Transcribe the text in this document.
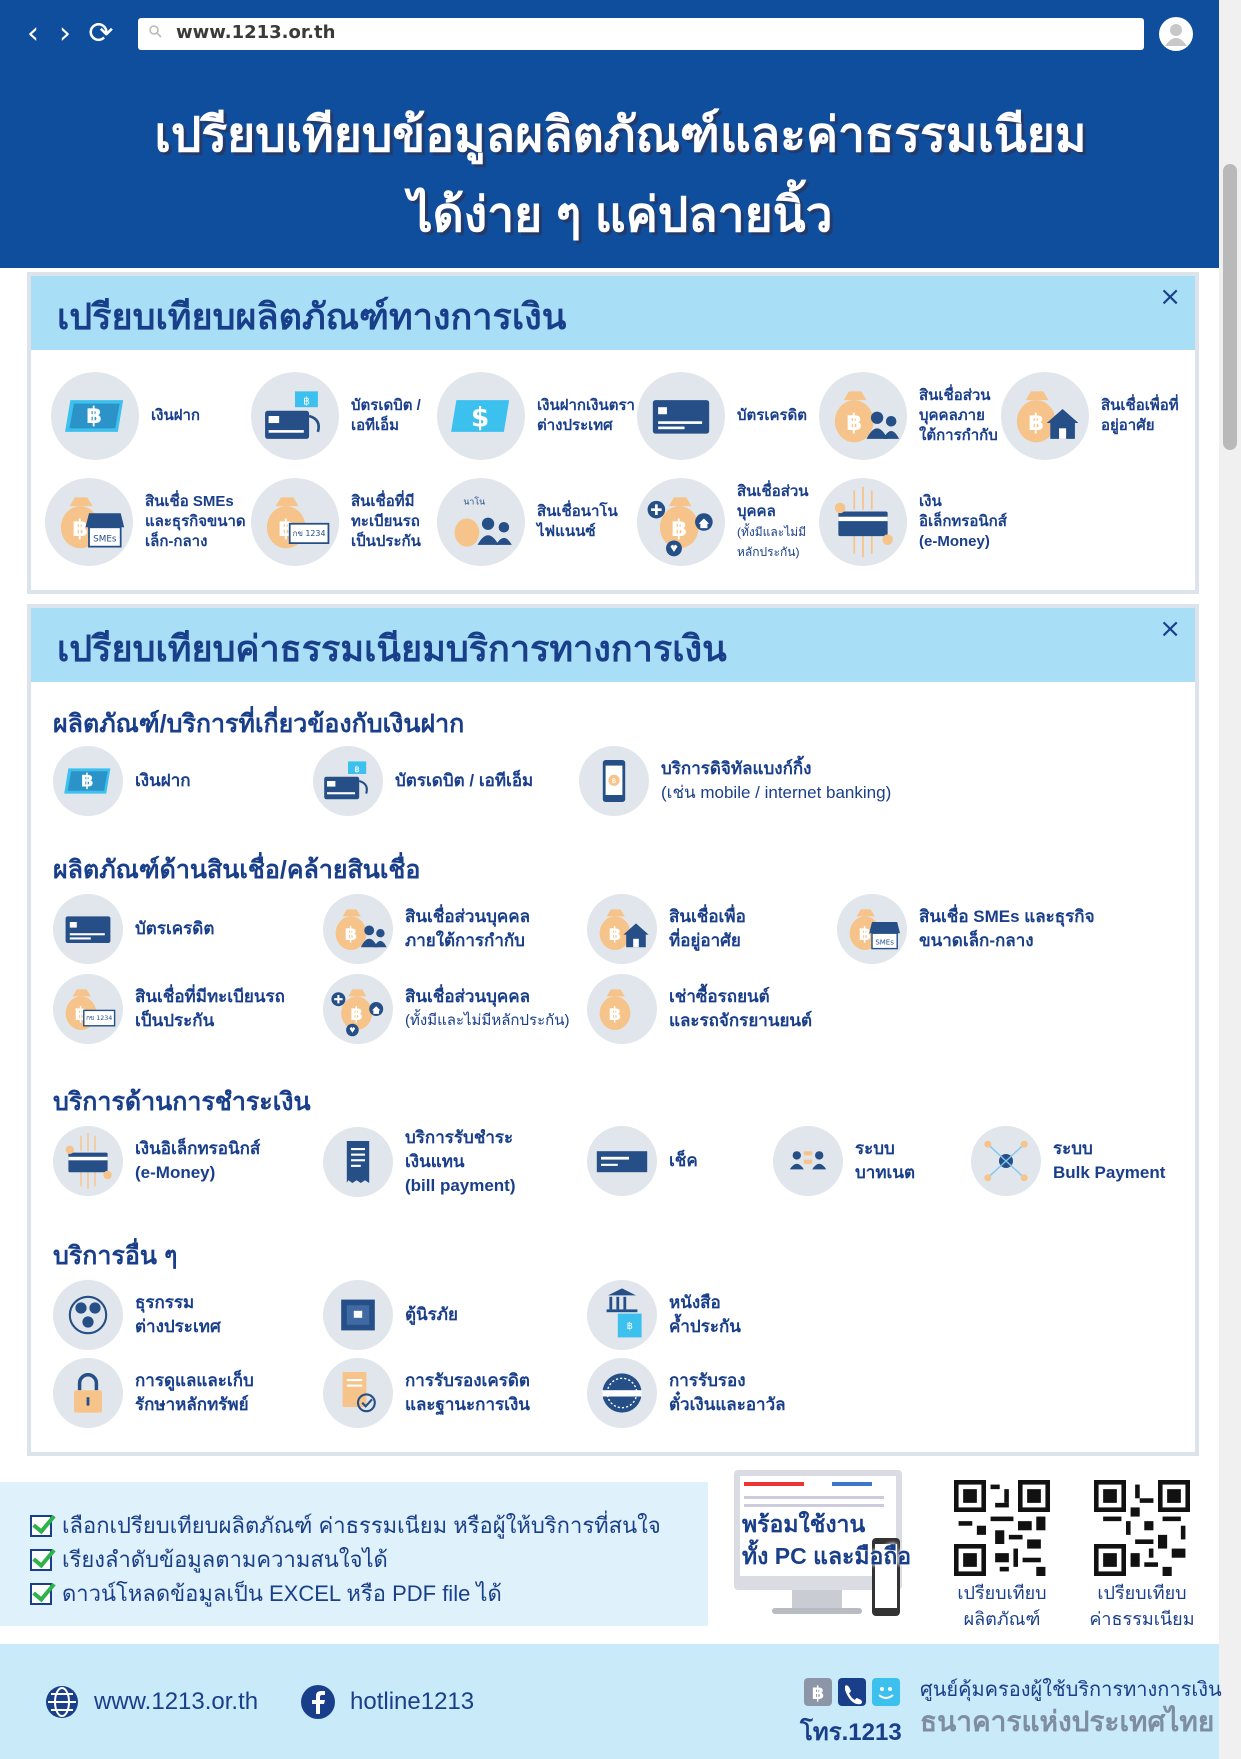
‹ › ⟳	www.1213.or.th
เปรียบเทียบข้อมูลผลิตภัณฑ์และค่าธรรมเนียม
ได้ง่าย ๆ แค่ปลายนิ้ว
เปรียบเทียบผลิตภัณฑ์ทางการเงิน	×
เงินฝาก
บัตรเดบิต / เอทีเอ็ม
เงินฝากเงินตราต่างประเทศ
บัตรเครดิต
สินเชื่อส่วนบุคคลภายใต้การกำกับ
สินเชื่อเพื่อที่อยู่อาศัย
สินเชื่อ SMEs และธุรกิจขนาดเล็ก-กลาง
สินเชื่อที่มีทะเบียนรถเป็นประกัน
สินเชื่อนาโนไฟแนนซ์
สินเชื่อส่วนบุคคล
(ทั้งมีและไม่มีหลักประกัน)
เงินอิเล็กทรอนิกส์
(e-Money)
เปรียบเทียบค่าธรรมเนียมบริการทางการเงิน	×
ผลิตภัณฑ์/บริการที่เกี่ยวข้องกับเงินฝาก
เงินฝาก	บัตรเดบิต / เอทีเอ็ม
บริการดิจิทัลแบงก์กิ้ง
(เช่น mobile / internet banking)
ผลิตภัณฑ์ด้านสินเชื่อ/คล้ายสินเชื่อ
บัตรเครดิต
สินเชื่อส่วนบุคคล
ภายใต้การกำกับ
สินเชื่อเพื่อ
ที่อยู่อาศัย
สินเชื่อ SMEs และธุรกิจ
ขนาดเล็ก-กลาง
สินเชื่อที่มีทะเบียนรถ
เป็นประกัน
สินเชื่อส่วนบุคคล
(ทั้งมีและไม่มีหลักประกัน)
เช่าซื้อรถยนต์
และรถจักรยานยนต์
บริการด้านการชำระเงิน
เงินอิเล็กทรอนิกส์
(e-Money)
บริการรับชำระ
เงินแทน
(bill payment)
เช็ค
ระบบ
บาทเนต
ระบบ
Bulk Payment
บริการอื่น ๆ
ธุรกรรม
ต่างประเทศ
ตู้นิรภัย
หนังสือ
ค้ำประกัน
การดูแลและเก็บ
รักษาหลักทรัพย์
การรับรองเครดิต
และฐานะการเงิน
การรับรอง
ตั๋วเงินและอาวัล
เลือกเปรียบเทียบผลิตภัณฑ์ ค่าธรรมเนียม หรือผู้ให้บริการที่สนใจ
เรียงลำดับข้อมูลตามความสนใจได้
ดาวน์โหลดข้อมูลเป็น EXCEL หรือ PDF file ได้
พร้อมใช้งาน
ทั้ง PC และมือถือ
เปรียบเทียบ
ผลิตภัณฑ์
เปรียบเทียบ
ค่าธรรมเนียม
www.1213.or.th	hotline1213	฿
โทร.1213
ศูนย์คุ้มครองผู้ใช้บริการทางการเงิน
ธนาคารแห่งประเทศไทย
